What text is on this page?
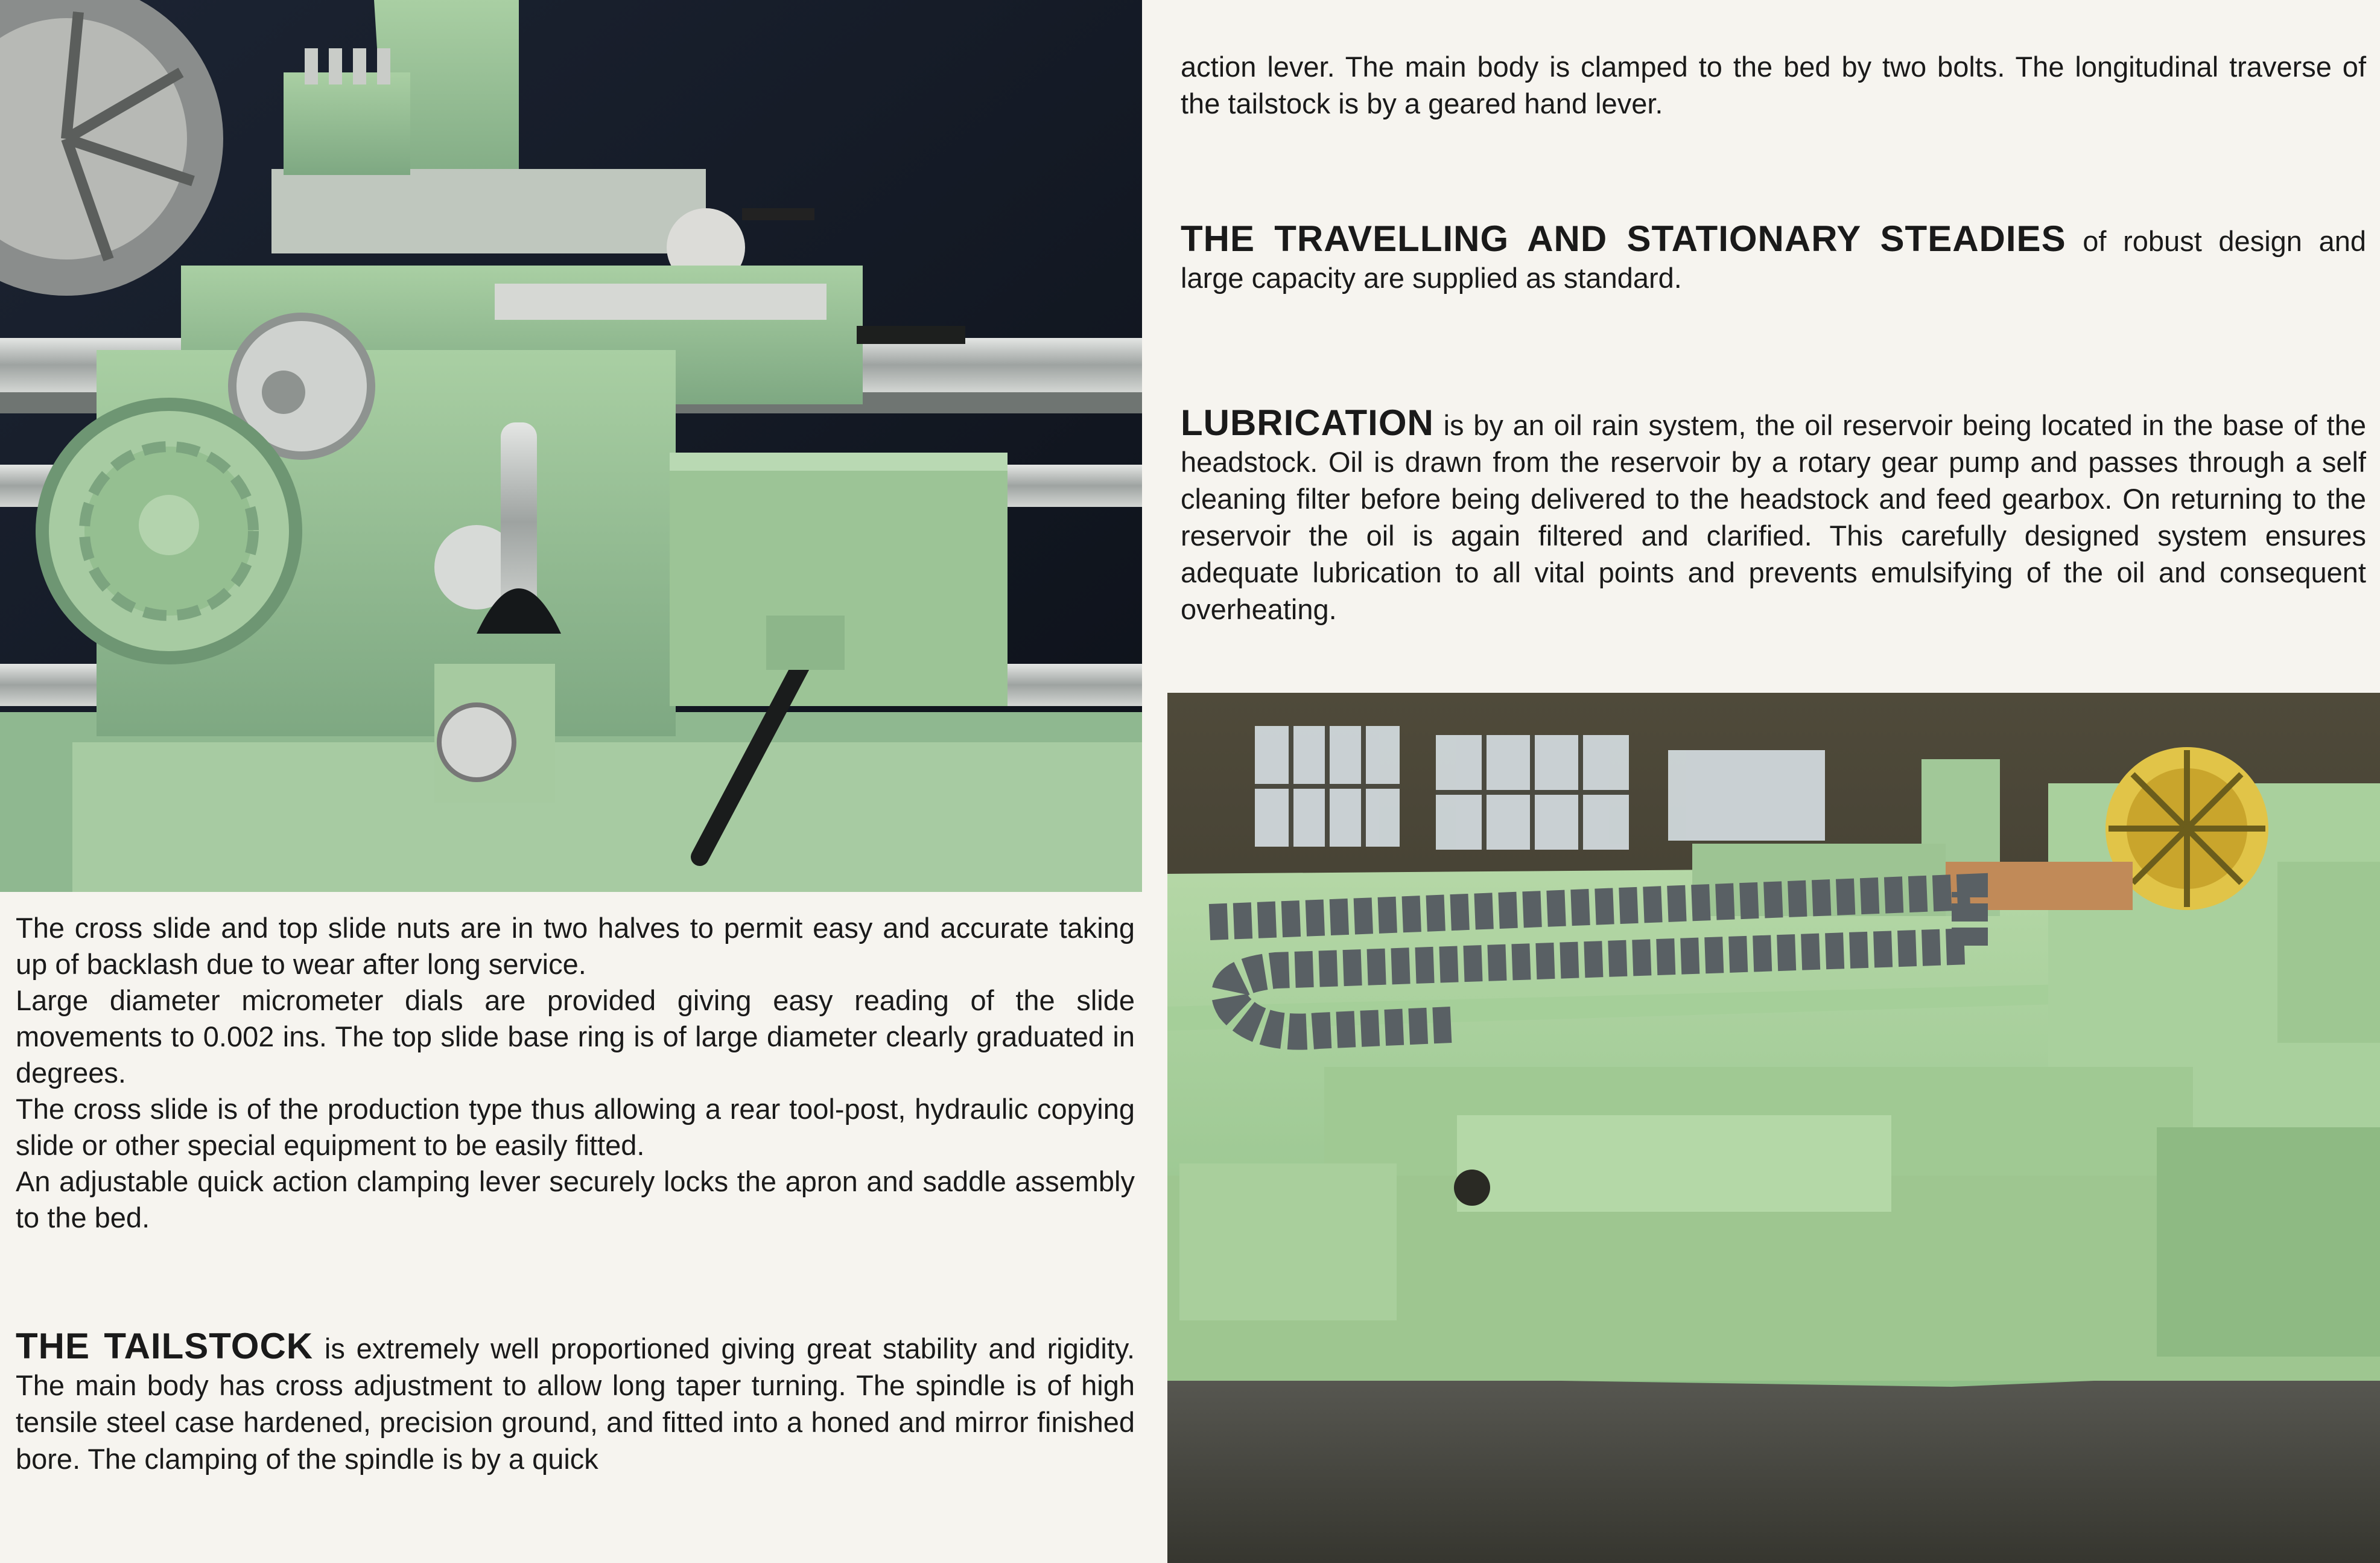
action lever. The main body is clamped to the bed by two bolts. The longitudinal traverse of the tailstock is by a geared hand lever.

THE TRAVELLING AND STATIONARY STEADIES of robust design and large capacity are supplied as standard.

LUBRICATION is by an oil rain system, the oil reservoir being located in the base of the headstock. Oil is drawn from the reservoir by a rotary gear pump and passes through a self cleaning filter before being delivered to the headstock and feed gearbox. On returning to the reservoir the oil is again filtered and clarified. This carefully designed system ensures adequate lubrication to all vital points and prevents emulsifying of the oil and consequent overheating.

The cross slide and top slide nuts are in two halves to permit easy and accurate taking up of backlash due to wear after long service.

Large diameter micrometer dials are provided giving easy reading of the slide movements to 0.002 ins. The top slide base ring is of large diameter clearly graduated in degrees.

The cross slide is of the production type thus allowing a rear tool-post, hydraulic copying slide or other special equipment to be easily fitted.

An adjustable quick action clamping lever securely locks the apron and saddle assembly to the bed.

THE TAILSTOCK is extremely well proportioned giving great stability and rigidity. The main body has cross adjustment to allow long taper turning. The spindle is of high tensile steel case hardened, precision ground, and fitted into a honed and mirror finished bore. The clamping of the spindle is by a quick
